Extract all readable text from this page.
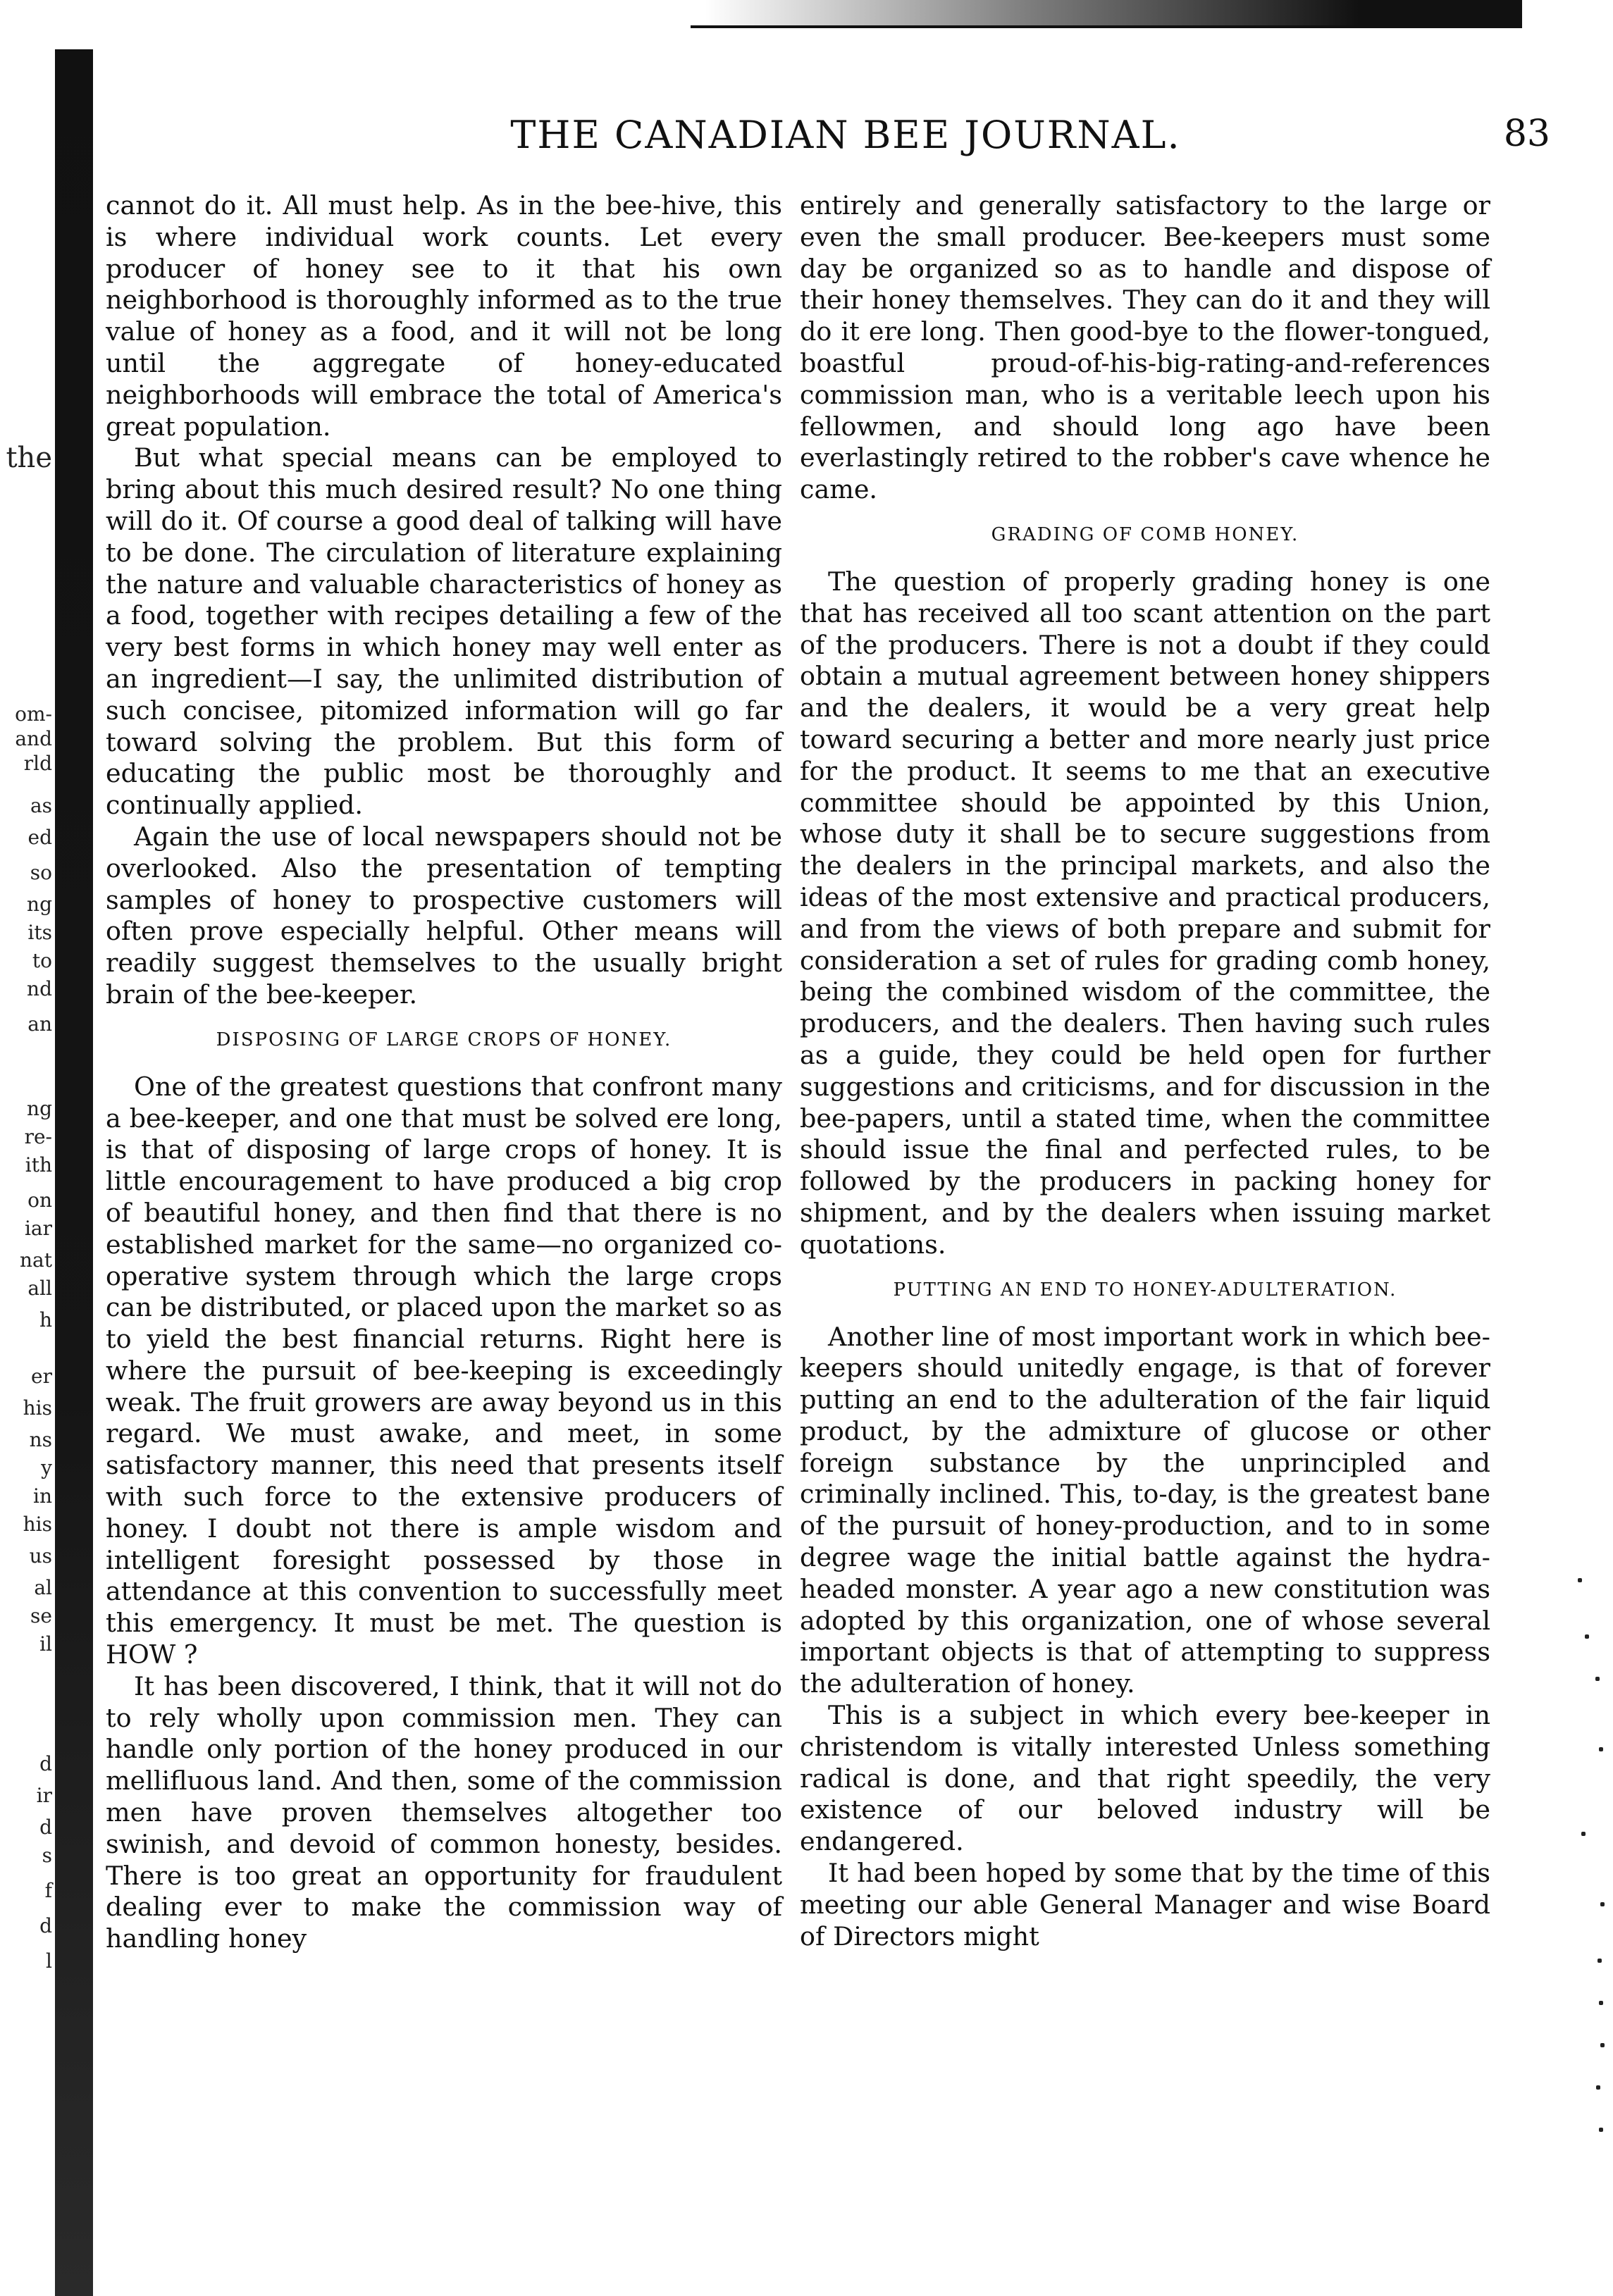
the
om-
and
rld
as
ed
so
ng
its
to
nd
an
ng
re-
ith
on
iar
nat
all
h
er
his
ns
y
in
his
us
al
se
il
d
ir
d
s
f
d
l
THE CANADIAN BEE JOURNAL.	83

cannot do it. All must help. As in the bee-hive, this is where individual work counts. Let every producer of honey see to it that his own neighborhood is thoroughly informed as to the true value of honey as a food, and it will not be long until the aggregate of honey-educated neighborhoods will embrace the total of America's great population.

But what special means can be employed to bring about this much desired result? No one thing will do it. Of course a good deal of talking will have to be done. The circulation of literature explaining the nature and valuable characteristics of honey as a food, together with recipes detailing a few of the very best forms in which honey may well enter as an ingredient—I say, the unlimited distribution of such concisee, pitomized information will go far toward solving the problem. But this form of educating the public most be thoroughly and continually applied.

Again the use of local newspapers should not be overlooked. Also the presentation of tempting samples of honey to prospective customers will often prove especially helpful. Other means will readily suggest themselves to the usually bright brain of the bee-keeper.

DISPOSING OF LARGE CROPS OF HONEY.

One of the greatest questions that confront many a bee-keeper, and one that must be solved ere long, is that of disposing of large crops of honey. It is little encouragement to have produced a big crop of beautiful honey, and then find that there is no established market for the same—no organized co-operative system through which the large crops can be distributed, or placed upon the market so as to yield the best financial returns. Right here is where the pursuit of bee-keeping is exceedingly weak. The fruit growers are away beyond us in this regard. We must awake, and meet, in some satisfactory manner, this need that presents itself with such force to the extensive producers of honey. I doubt not there is ample wisdom and intelligent foresight possessed by those in attendance at this convention to successfully meet this emergency. It must be met. The question is HOW ?

It has been discovered, I think, that it will not do to rely wholly upon commission men. They can handle only portion of the honey produced in our mellifluous land. And then, some of the commission men have proven themselves altogether too swinish, and devoid of common honesty, besides. There is too great an opportunity for fraudulent dealing ever to make the commission way of handling honey

entirely and generally satisfactory to the large or even the small producer. Bee-keepers must some day be organized so as to handle and dispose of their honey themselves. They can do it and they will do it ere long. Then good-bye to the flower-tongued, boastful proud-of-his-big-rating-and-references commission man, who is a veritable leech upon his fellowmen, and should long ago have been everlastingly retired to the robber's cave whence he came.

GRADING OF COMB HONEY.

The question of properly grading honey is one that has received all too scant attention on the part of the producers. There is not a doubt if they could obtain a mutual agreement between honey shippers and the dealers, it would be a very great help toward securing a better and more nearly just price for the product. It seems to me that an executive committee should be appointed by this Union, whose duty it shall be to secure suggestions from the dealers in the principal markets, and also the ideas of the most extensive and practical producers, and from the views of both prepare and submit for consideration a set of rules for grading comb honey, being the combined wisdom of the committee, the producers, and the dealers. Then having such rules as a guide, they could be held open for further suggestions and criticisms, and for discussion in the bee-papers, until a stated time, when the committee should issue the final and perfected rules, to be followed by the producers in packing honey for shipment, and by the dealers when issuing market quotations.

PUTTING AN END TO HONEY-ADULTERATION.

Another line of most important work in which bee-keepers should unitedly engage, is that of forever putting an end to the adulteration of the fair liquid product, by the admixture of glucose or other foreign substance by the unprincipled and criminally inclined. This, to-day, is the greatest bane of the pursuit of honey-production, and to in some degree wage the initial battle against the hydra-headed monster. A year ago a new constitution was adopted by this organization, one of whose several important objects is that of attempting to suppress the adulteration of honey.

This is a subject in which every bee-keeper in christendom is vitally interested Unless something radical is done, and that right speedily, the very existence of our beloved industry will be endangered.

It had been hoped by some that by the time of this meeting our able General Manager and wise Board of Directors might
